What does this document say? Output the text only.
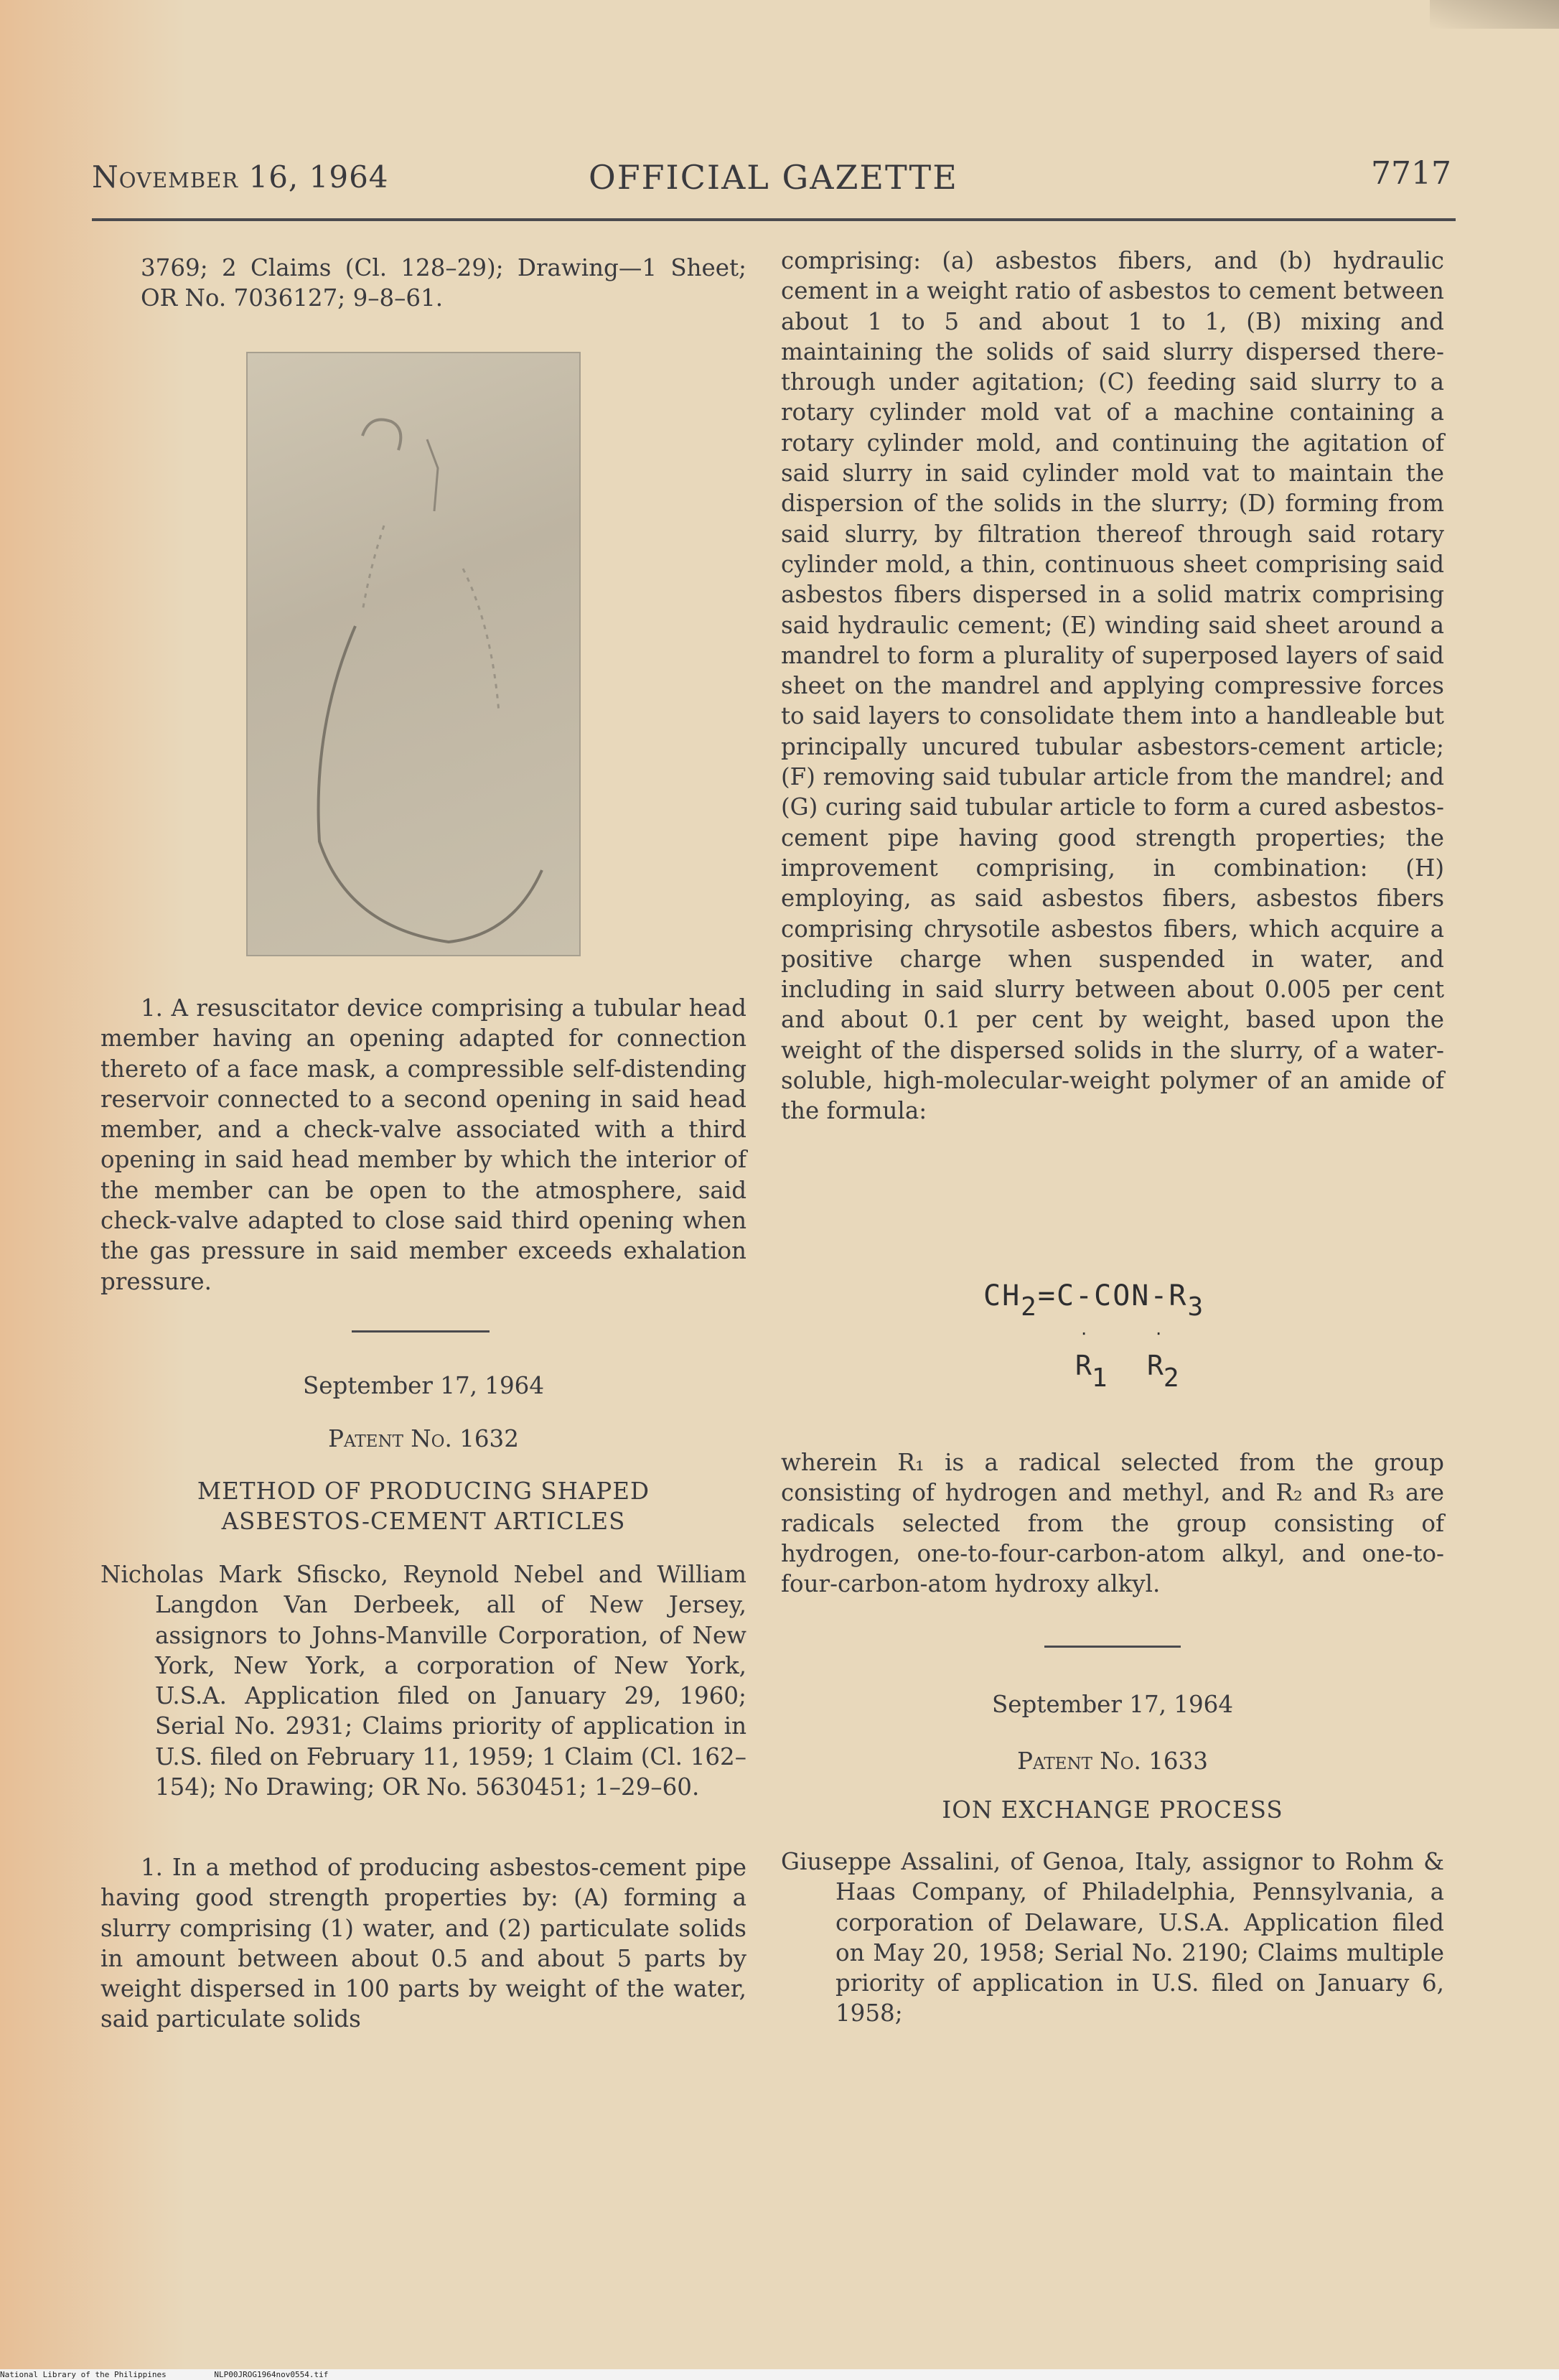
November 16, 1964	OFFICIAL GAZETTE	7717

3769; 2 Claims (Cl. 128–29); Drawing—1 Sheet; OR No. 7036127; 9–8–61.

1. A resuscitator device comprising a tubular head member having an opening adapted for connection thereto of a face mask, a compressible self-distending reservoir connected to a second opening in said head member, and a check-valve associated with a third opening in said head member by which the interior of the member can be open to the atmosphere, said check-valve adapted to close said third opening when the gas pressure in said member exceeds exhalation pressure.

September 17, 1964

Patent No. 1632

METHOD OF PRODUCING SHAPED ASBESTOS-CEMENT ARTICLES

Nicholas Mark Sfiscko, Reynold Nebel and William Langdon Van Derbeek, all of New Jersey, assignors to Johns-Manville Corporation, of New York, New York, a corporation of New York, U.S.A. Application filed on January 29, 1960; Serial No. 2931; Claims priority of application in U.S. filed on February 11, 1959; 1 Claim (Cl. 162–154); No Drawing; OR No. 5630451; 1–29–60.

1. In a method of producing asbestos-cement pipe having good strength properties by: (A) forming a slurry comprising (1) water, and (2) particulate solids in amount between about 0.5 and about 5 parts by weight dispersed in 100 parts by weight of the water, said particulate solids

comprising: (a) asbestos fibers, and (b) hydraulic cement in a weight ratio of asbestos to cement between about 1 to 5 and about 1 to 1, (B) mixing and maintaining the solids of said slurry dispersed there-through under agitation; (C) feeding said slurry to a rotary cylinder mold vat of a machine containing a rotary cylinder mold, and continuing the agitation of said slurry in said cylinder mold vat to maintain the dispersion of the solids in the slurry; (D) forming from said slurry, by filtration thereof through said rotary cylinder mold, a thin, continuous sheet comprising said asbestos fibers dispersed in a solid matrix comprising said hydraulic cement; (E) winding said sheet around a mandrel to form a plurality of superposed layers of said sheet on the mandrel and applying compressive forces to said layers to consolidate them into a handleable but principally uncured tubular asbestors-cement article; (F) removing said tubular article from the mandrel; and (G) curing said tubular article to form a cured asbestos-cement pipe having good strength properties; the improvement comprising, in combination: (H) employing, as said asbestos fibers, asbestos fibers comprising chrysotile asbestos fibers, which acquire a positive charge when suspended in water, and including in said slurry between about 0.005 per cent and about 0.1 per cent by weight, based upon the weight of the dispersed solids in the slurry, of a water-soluble, high-molecular-weight polymer of an amide of the formula:

CH2=C-CON-R3
‧	‧
R1 R2

wherein R₁ is a radical selected from the group consisting of hydrogen and methyl, and R₂ and R₃ are radicals selected from the group consisting of hydrogen, one-to-four-carbon-atom alkyl, and one-to-four-carbon-atom hydroxy alkyl.

September 17, 1964

Patent No. 1633

ION EXCHANGE PROCESS

Giuseppe Assalini, of Genoa, Italy, assignor to Rohm & Haas Company, of Philadelphia, Pennsylvania, a corporation of Delaware, U.S.A. Application filed on May 20, 1958; Serial No. 2190; Claims multiple priority of application in U.S. filed on January 6, 1958;

National Library of the Philippines	NLP00JROG1964nov0554.tif
